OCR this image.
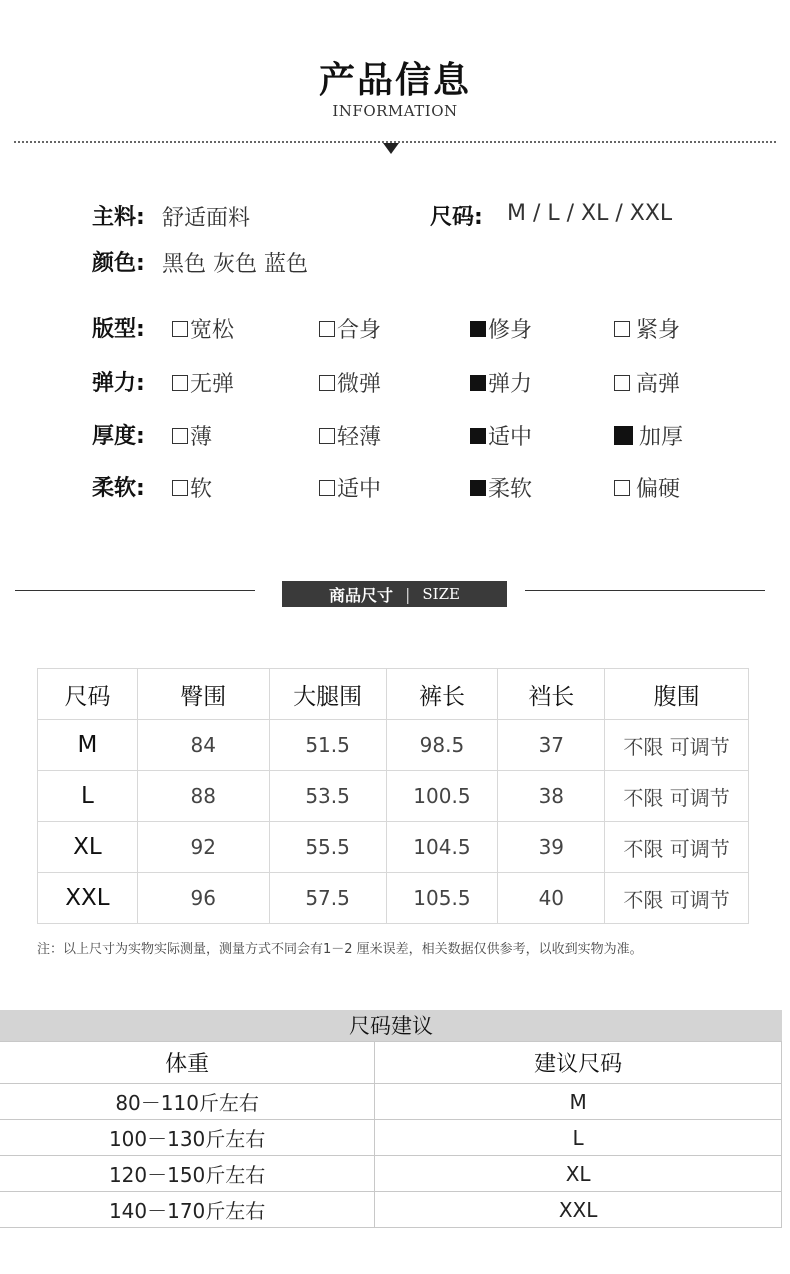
产品信息
INFORMATION
主料: 舒适面料	尺码: M / L / XL / XXL
颜色: 黑色 灰色 蓝色
版型: 宽松	合身	修身	紧身
弹力: 无弹	微弹	弹力	高弹
厚度: 薄	轻薄	适中	加厚
柔软: 软	适中	柔软	偏硬
商品尺寸 | SIZE
尺码	臀围	大腿围	裤长	裆长	腹围
M	84	51.5	98.5	37	不限 可调节
L	88	53.5	100.5	38	不限 可调节
XL	92	55.5	104.5	39	不限 可调节
XXL	96	57.5	105.5	40	不限 可调节
注：以上尺寸为实物实际测量，测量方式不同会有1－2 厘米误差，相关数据仅供参考，以收到实物为准。
尺码建议
体重	建议尺码
80－110斤左右	M
100－130斤左右	L
120－150斤左右	XL
140－170斤左右	XXL
